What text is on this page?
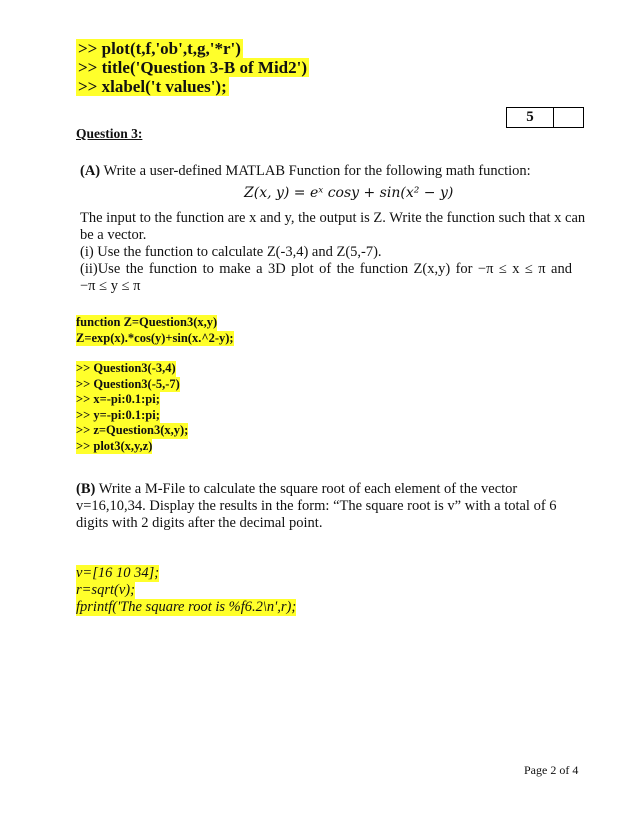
>> plot(t,f,'ob',t,g,'*r')
>> title('Question 3-B of Mid2')
>> xlabel('t values');
5
Question 3:
(A) Write a user-defined MATLAB Function for the following math function:
Z(x, y) = eˣ cosy + sin(x² − y)
The input to the function are x and y, the output is Z. Write the function such that x can
be a vector.
(i) Use the function to calculate Z(-3,4) and Z(5,-7).
(ii)Use the function to make a 3D plot of the function Z(x,y) for −π ≤ x ≤ π and
−π ≤ y ≤ π
function Z=Question3(x,y)
Z=exp(x).*cos(y)+sin(x.^2-y);
>> Question3(-3,4)
>> Question3(-5,-7)
>> x=-pi:0.1:pi;
>> y=-pi:0.1:pi;
>> z=Question3(x,y);
>> plot3(x,y,z)
(B) Write a M-File to calculate the square root of each element of the vector
v=16,10,34. Display the results in the form: “The square root is v” with a total of 6
digits with 2 digits after the decimal point.
v=[16 10 34];
r=sqrt(v);
fprintf('The square root is %f6.2\n',r);
Page 2 of 4
